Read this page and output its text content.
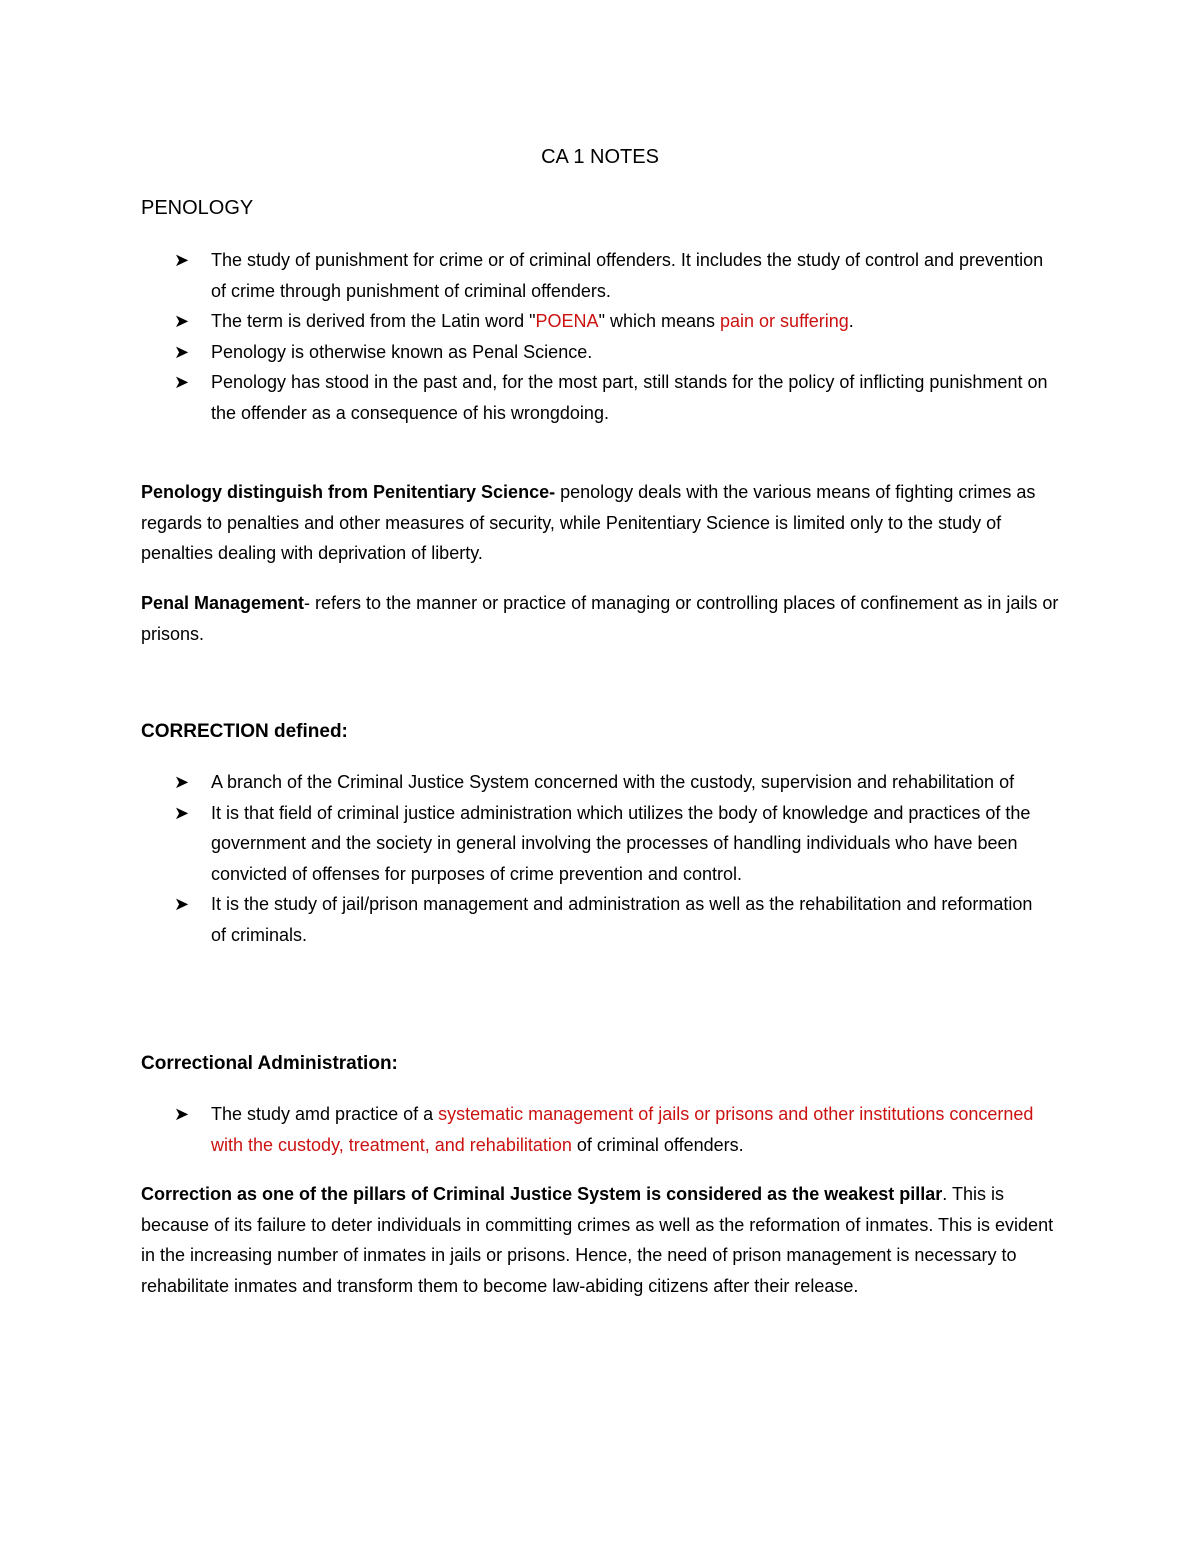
CA 1 NOTES
PENOLOGY
➤ The study of punishment for crime or of criminal offenders. It includes the study of control and prevention of crime through punishment of criminal offenders.
➤ The term is derived from the Latin word "POENA" which means pain or suffering.
➤ Penology is otherwise known as Penal Science.
➤ Penology has stood in the past and, for the most part, still stands for the policy of inflicting punishment on the offender as a consequence of his wrongdoing.
Penology distinguish from Penitentiary Science- penology deals with the various means of fighting crimes as regards to penalties and other measures of security, while Penitentiary Science is limited only to the study of penalties dealing with deprivation of liberty.
Penal Management- refers to the manner or practice of managing or controlling places of confinement as in jails or prisons.
CORRECTION defined:
➤ A branch of the Criminal Justice System concerned with the custody, supervision and rehabilitation of
➤ It is that field of criminal justice administration which utilizes the body of knowledge and practices of the government and the society in general involving the processes of handling individuals who have been convicted of offenses for purposes of crime prevention and control.
➤ It is the study of jail/prison management and administration as well as the rehabilitation and reformation of criminals.
Correctional Administration:
➤ The study amd practice of a systematic management of jails or prisons and other institutions concerned with the custody, treatment, and rehabilitation of criminal offenders.
Correction as one of the pillars of Criminal Justice System is considered as the weakest pillar. This is because of its failure to deter individuals in committing crimes as well as the reformation of inmates. This is evident in the increasing number of inmates in jails or prisons. Hence, the need of prison management is necessary to rehabilitate inmates and transform them to become law-abiding citizens after their release.
